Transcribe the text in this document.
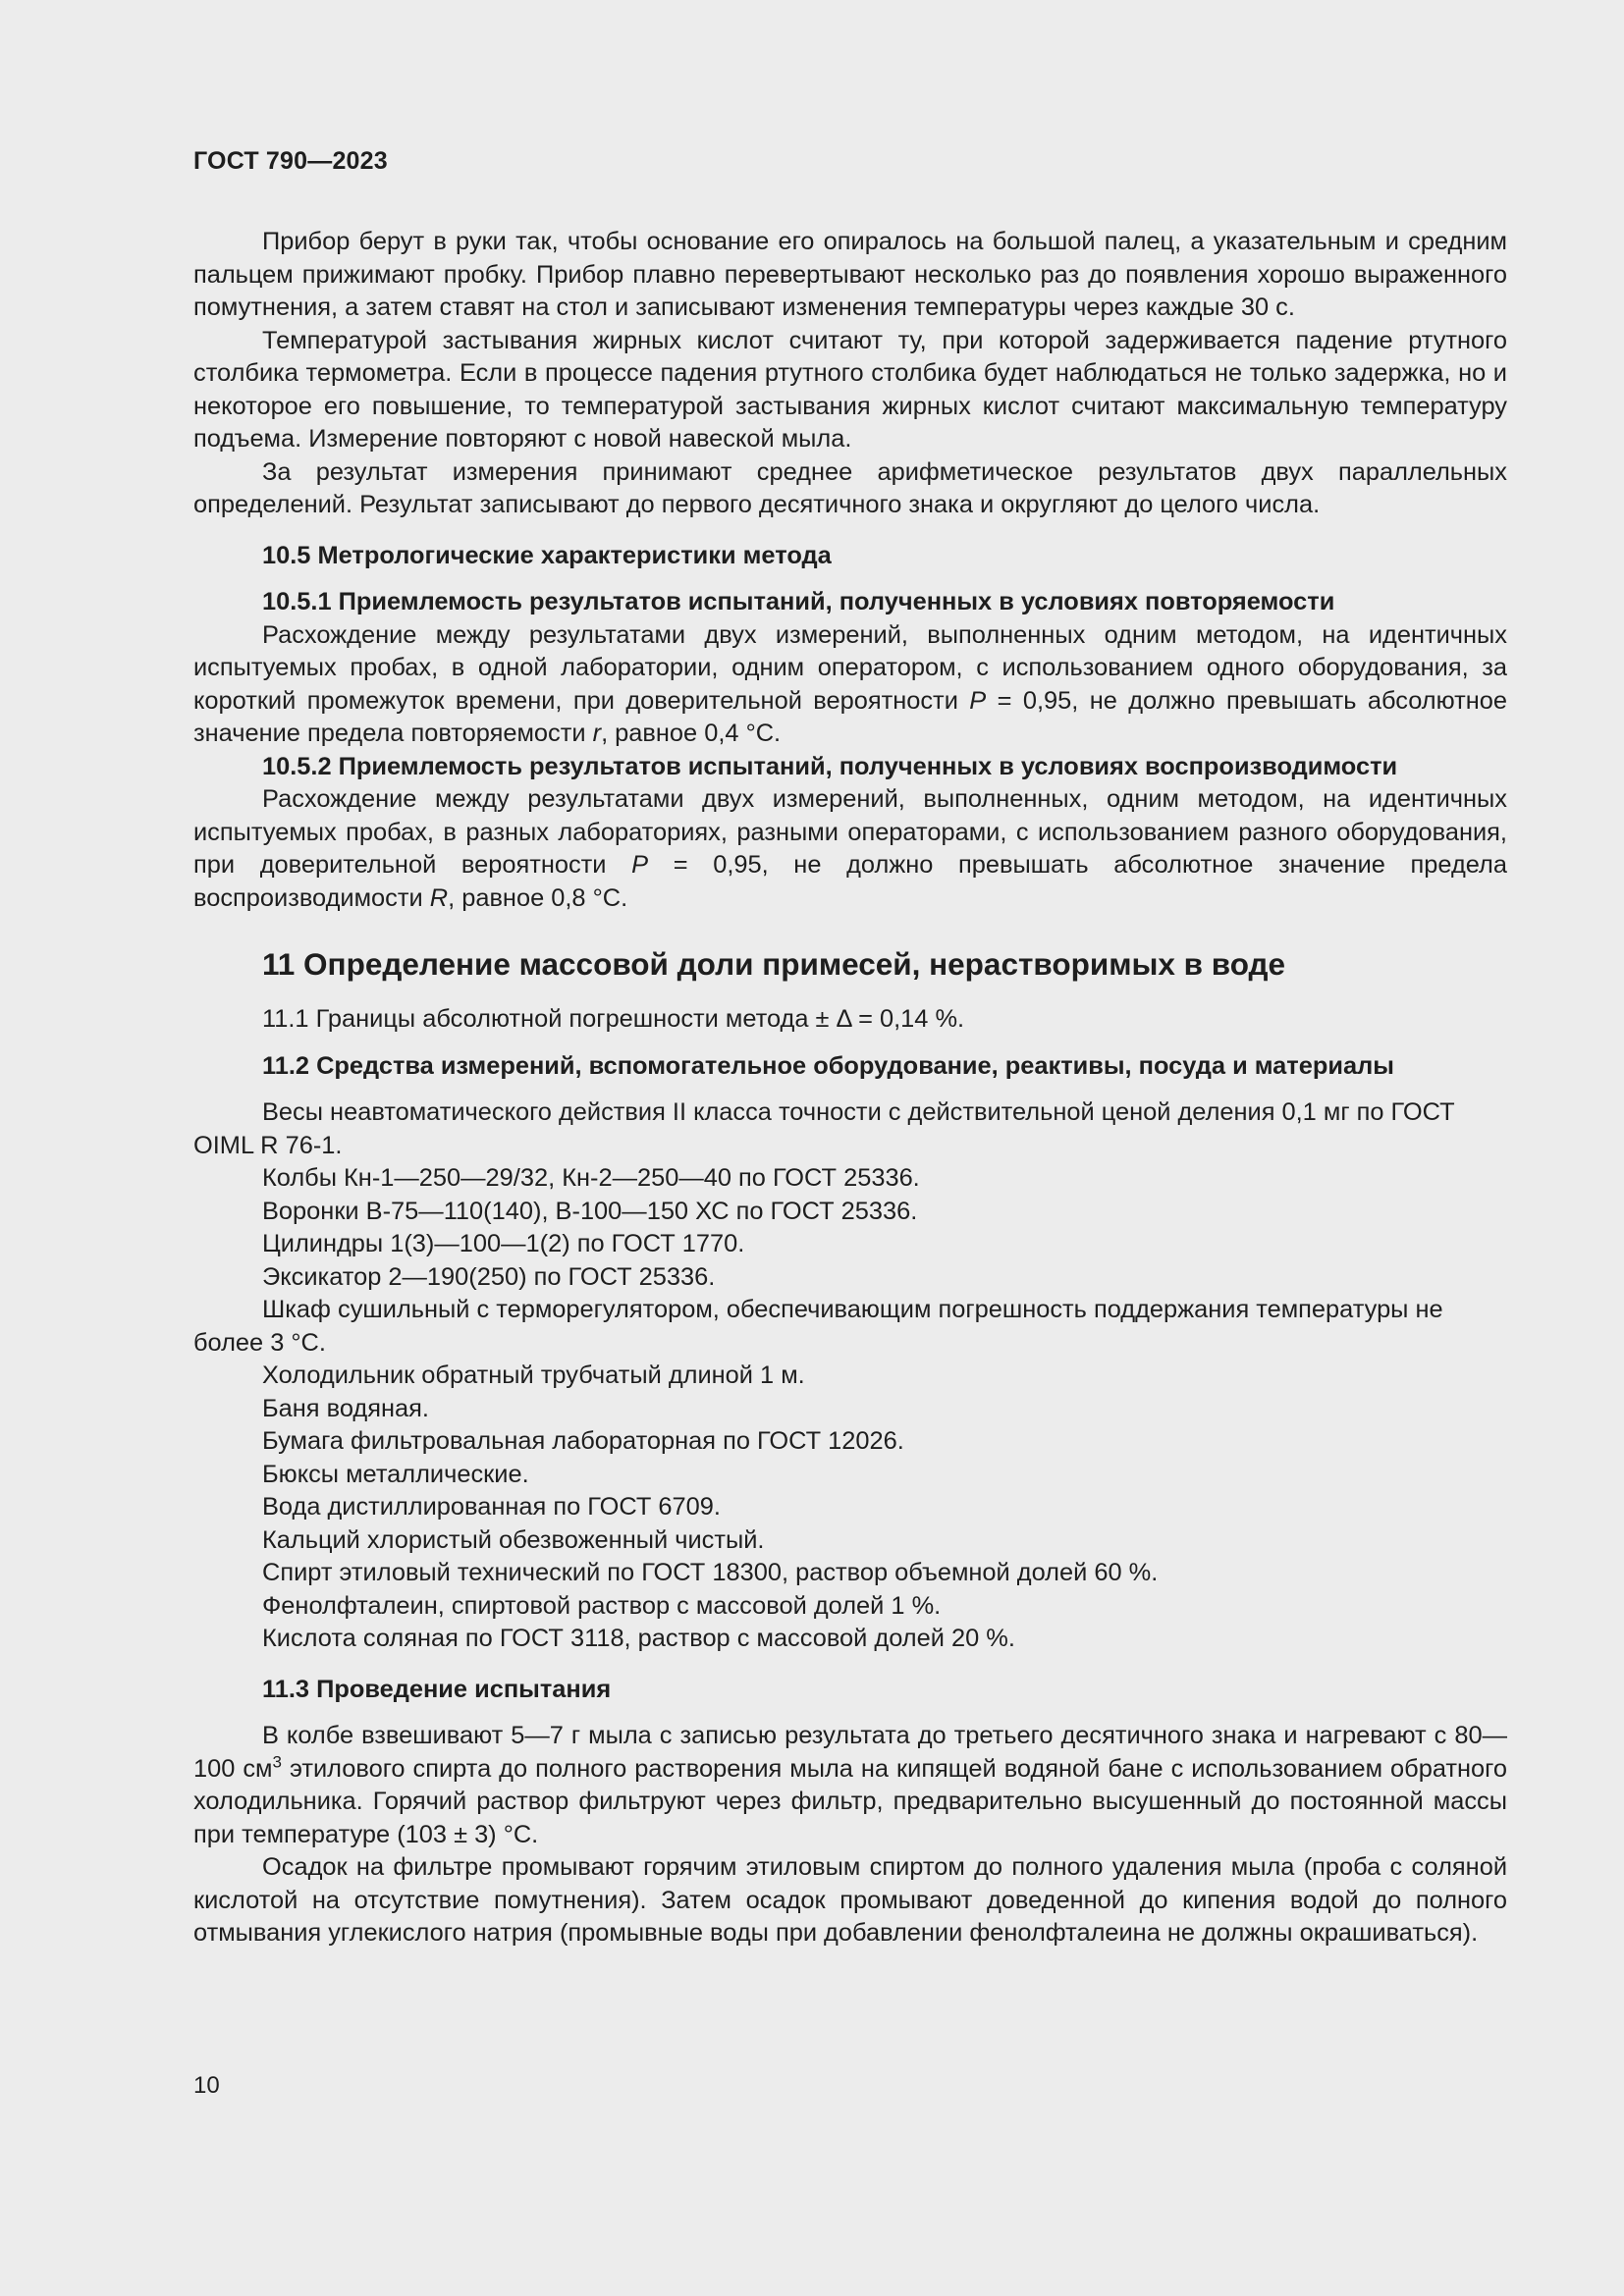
ГОСТ 790—2023

Прибор берут в руки так, чтобы основание его опиралось на большой палец, а указательным и средним пальцем прижимают пробку. Прибор плавно перевертывают несколько раз до появления хорошо выраженного помутнения, а затем ставят на стол и записывают изменения температуры через каждые 30 с.

Температурой застывания жирных кислот считают ту, при которой задерживается падение ртутного столбика термометра. Если в процессе падения ртутного столбика будет наблюдаться не только задержка, но и некоторое его повышение, то температурой застывания жирных кислот считают максимальную температуру подъема. Измерение повторяют с новой навеской мыла.

За результат измерения принимают среднее арифметическое результатов двух параллельных определений. Результат записывают до первого десятичного знака и округляют до целого числа.

10.5 Метрологические характеристики метода

10.5.1 Приемлемость результатов испытаний, полученных в условиях повторяемости

Расхождение между результатами двух измерений, выполненных одним методом, на идентичных испытуемых пробах, в одной лаборатории, одним оператором, с использованием одного оборудования, за короткий промежуток времени, при доверительной вероятности P = 0,95, не должно превышать абсолютное значение предела повторяемости r, равное 0,4 °С.

10.5.2 Приемлемость результатов испытаний, полученных в условиях воспроизводимости

Расхождение между результатами двух измерений, выполненных, одним методом, на идентичных испытуемых пробах, в разных лабораториях, разными операторами, с использованием разного оборудования, при доверительной вероятности P = 0,95, не должно превышать абсолютное значение предела воспроизводимости R, равное 0,8 °С.

11 Определение массовой доли примесей, нерастворимых в воде

11.1 Границы абсолютной погрешности метода ± Δ = 0,14 %.

11.2 Средства измерений, вспомогательное оборудование, реактивы, посуда и материалы

Весы неавтоматического действия II класса точности с действительной ценой деления 0,1 мг по ГОСТ OIML R 76-1.

Колбы Кн-1—250—29/32, Кн-2—250—40 по ГОСТ 25336.

Воронки В-75—110(140), В-100—150 ХС по ГОСТ 25336.

Цилиндры 1(3)—100—1(2) по ГОСТ 1770.

Эксикатор 2—190(250) по ГОСТ 25336.

Шкаф сушильный с терморегулятором, обеспечивающим погрешность поддержания температуры не более 3 °С.

Холодильник обратный трубчатый длиной 1 м.

Баня водяная.

Бумага фильтровальная лабораторная по ГОСТ 12026.

Бюксы металлические.

Вода дистиллированная по ГОСТ 6709.

Кальций хлористый обезвоженный чистый.

Спирт этиловый технический по ГОСТ 18300, раствор объемной долей 60 %.

Фенолфталеин, спиртовой раствор с массовой долей 1 %.

Кислота соляная по ГОСТ 3118, раствор с массовой долей 20 %.

11.3 Проведение испытания

В колбе взвешивают 5—7 г мыла с записью результата до третьего десятичного знака и нагревают с 80—100 $см^3$ этилового спирта до полного растворения мыла на кипящей водяной бане с использованием обратного холодильника. Горячий раствор фильтруют через фильтр, предварительно высушенный до постоянной массы при температуре (103 ± 3) °С.

Осадок на фильтре промывают горячим этиловым спиртом до полного удаления мыла (проба с соляной кислотой на отсутствие помутнения). Затем осадок промывают доведенной до кипения водой до полного отмывания углекислого натрия (промывные воды при добавлении фенолфталеина не должны окрашиваться).

10
